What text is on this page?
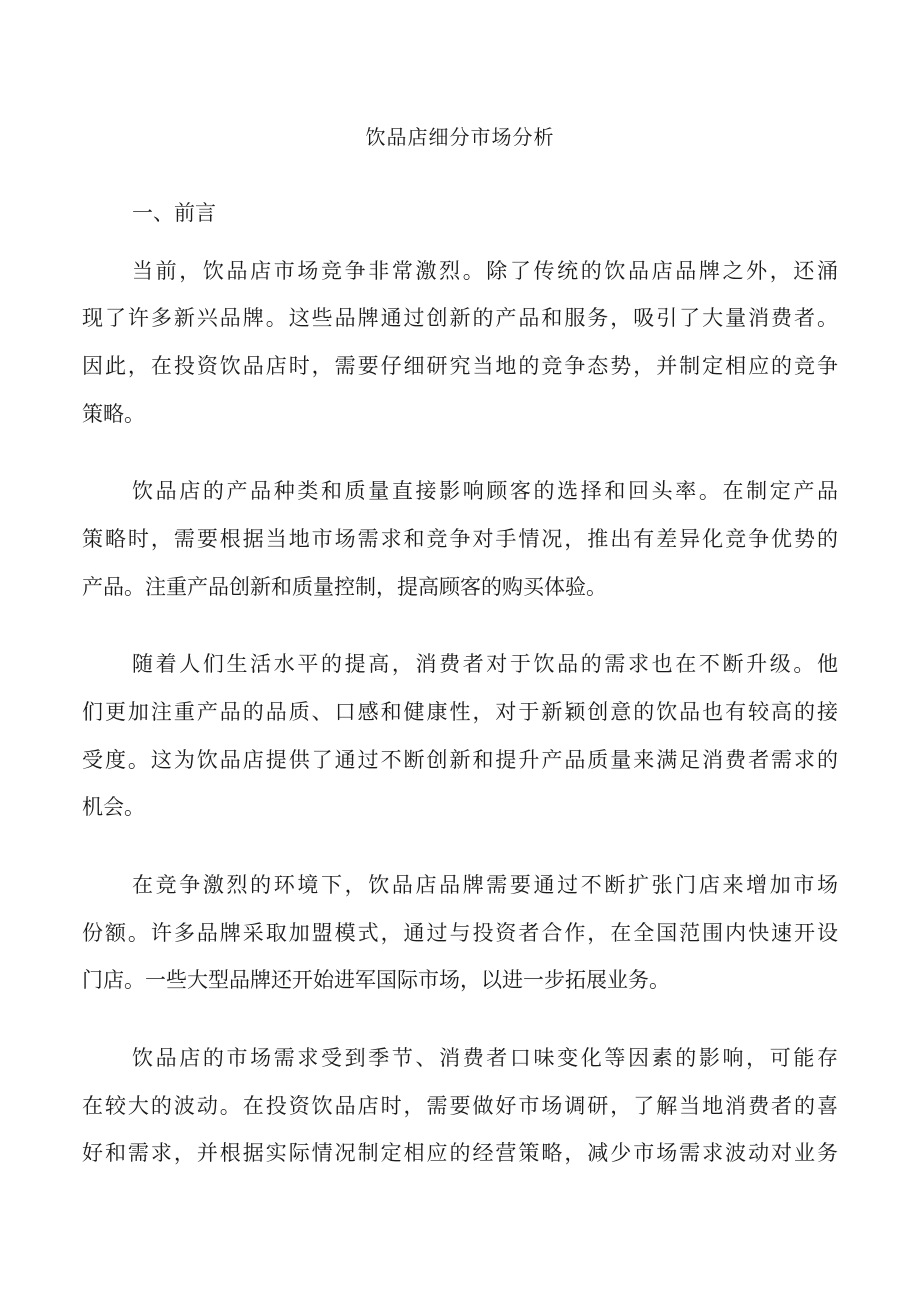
饮品店细分市场分析
一、前言
当前，饮品店市场竞争非常激烈。除了传统的饮品店品牌之外，还涌
现了许多新兴品牌。这些品牌通过创新的产品和服务，吸引了大量消费者。
因此，在投资饮品店时，需要仔细研究当地的竞争态势，并制定相应的竞争
策略。
饮品店的产品种类和质量直接影响顾客的选择和回头率。在制定产品
策略时，需要根据当地市场需求和竞争对手情况，推出有差异化竞争优势的
产品。注重产品创新和质量控制，提高顾客的购买体验。
随着人们生活水平的提高，消费者对于饮品的需求也在不断升级。他
们更加注重产品的品质、口感和健康性，对于新颖创意的饮品也有较高的接
受度。这为饮品店提供了通过不断创新和提升产品质量来满足消费者需求的
机会。
在竞争激烈的环境下，饮品店品牌需要通过不断扩张门店来增加市场
份额。许多品牌采取加盟模式，通过与投资者合作，在全国范围内快速开设
门店。一些大型品牌还开始进军国际市场，以进一步拓展业务。
饮品店的市场需求受到季节、消费者口味变化等因素的影响，可能存
在较大的波动。在投资饮品店时，需要做好市场调研，了解当地消费者的喜
好和需求，并根据实际情况制定相应的经营策略，减少市场需求波动对业务
